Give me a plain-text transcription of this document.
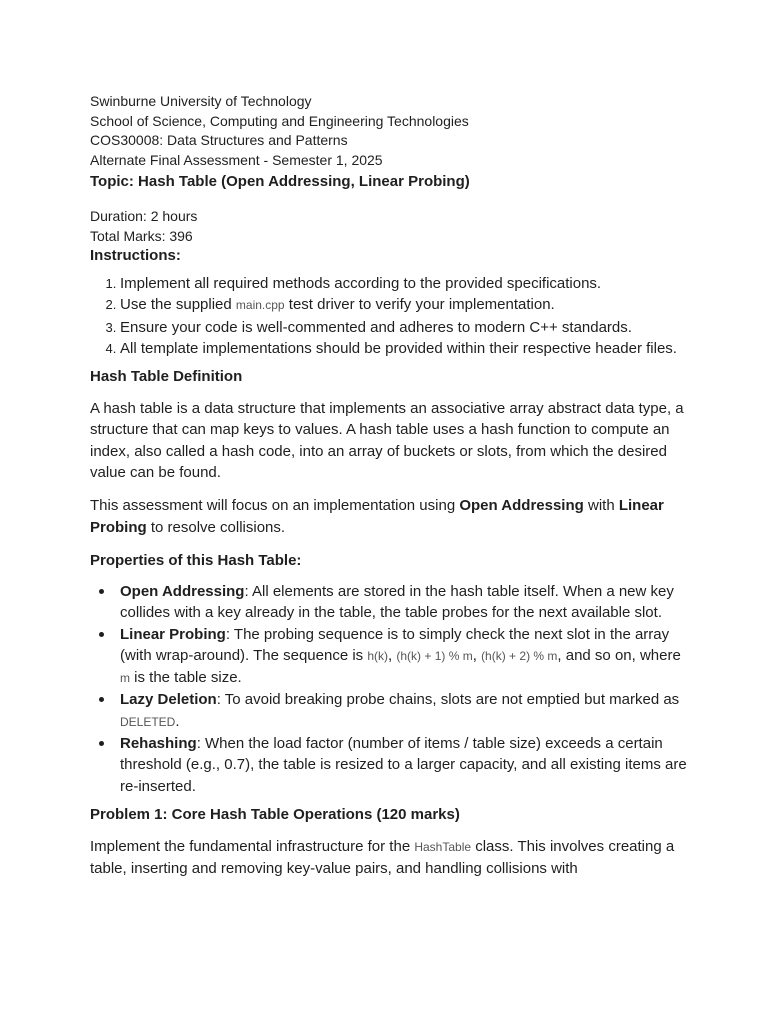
Swinburne University of Technology
School of Science, Computing and Engineering Technologies
COS30008: Data Structures and Patterns
Alternate Final Assessment - Semester 1, 2025
Topic: Hash Table (Open Addressing, Linear Probing)
Duration: 2 hours
Total Marks: 396
Instructions:
1. Implement all required methods according to the provided specifications.
2. Use the supplied main.cpp test driver to verify your implementation.
3. Ensure your code is well-commented and adheres to modern C++ standards.
4. All template implementations should be provided within their respective header files.
Hash Table Definition

A hash table is a data structure that implements an associative array abstract data type, a structure that can map keys to values. A hash table uses a hash function to compute an index, also called a hash code, into an array of buckets or slots, from which the desired value can be found.

This assessment will focus on an implementation using Open Addressing with Linear Probing to resolve collisions.

Properties of this Hash Table:
Open Addressing: All elements are stored in the hash table itself. When a new key collides with a key already in the table, the table probes for the next available slot.
Linear Probing: The probing sequence is to simply check the next slot in the array (with wrap-around). The sequence is h(k), (h(k) + 1) % m, (h(k) + 2) % m, and so on, where m is the table size.
Lazy Deletion: To avoid breaking probe chains, slots are not emptied but marked as DELETED.
Rehashing: When the load factor (number of items / table size) exceeds a certain threshold (e.g., 0.7), the table is resized to a larger capacity, and all existing items are re-inserted.
Problem 1: Core Hash Table Operations (120 marks)

Implement the fundamental infrastructure for the HashTable class. This involves creating a table, inserting and removing key-value pairs, and handling collisions with
